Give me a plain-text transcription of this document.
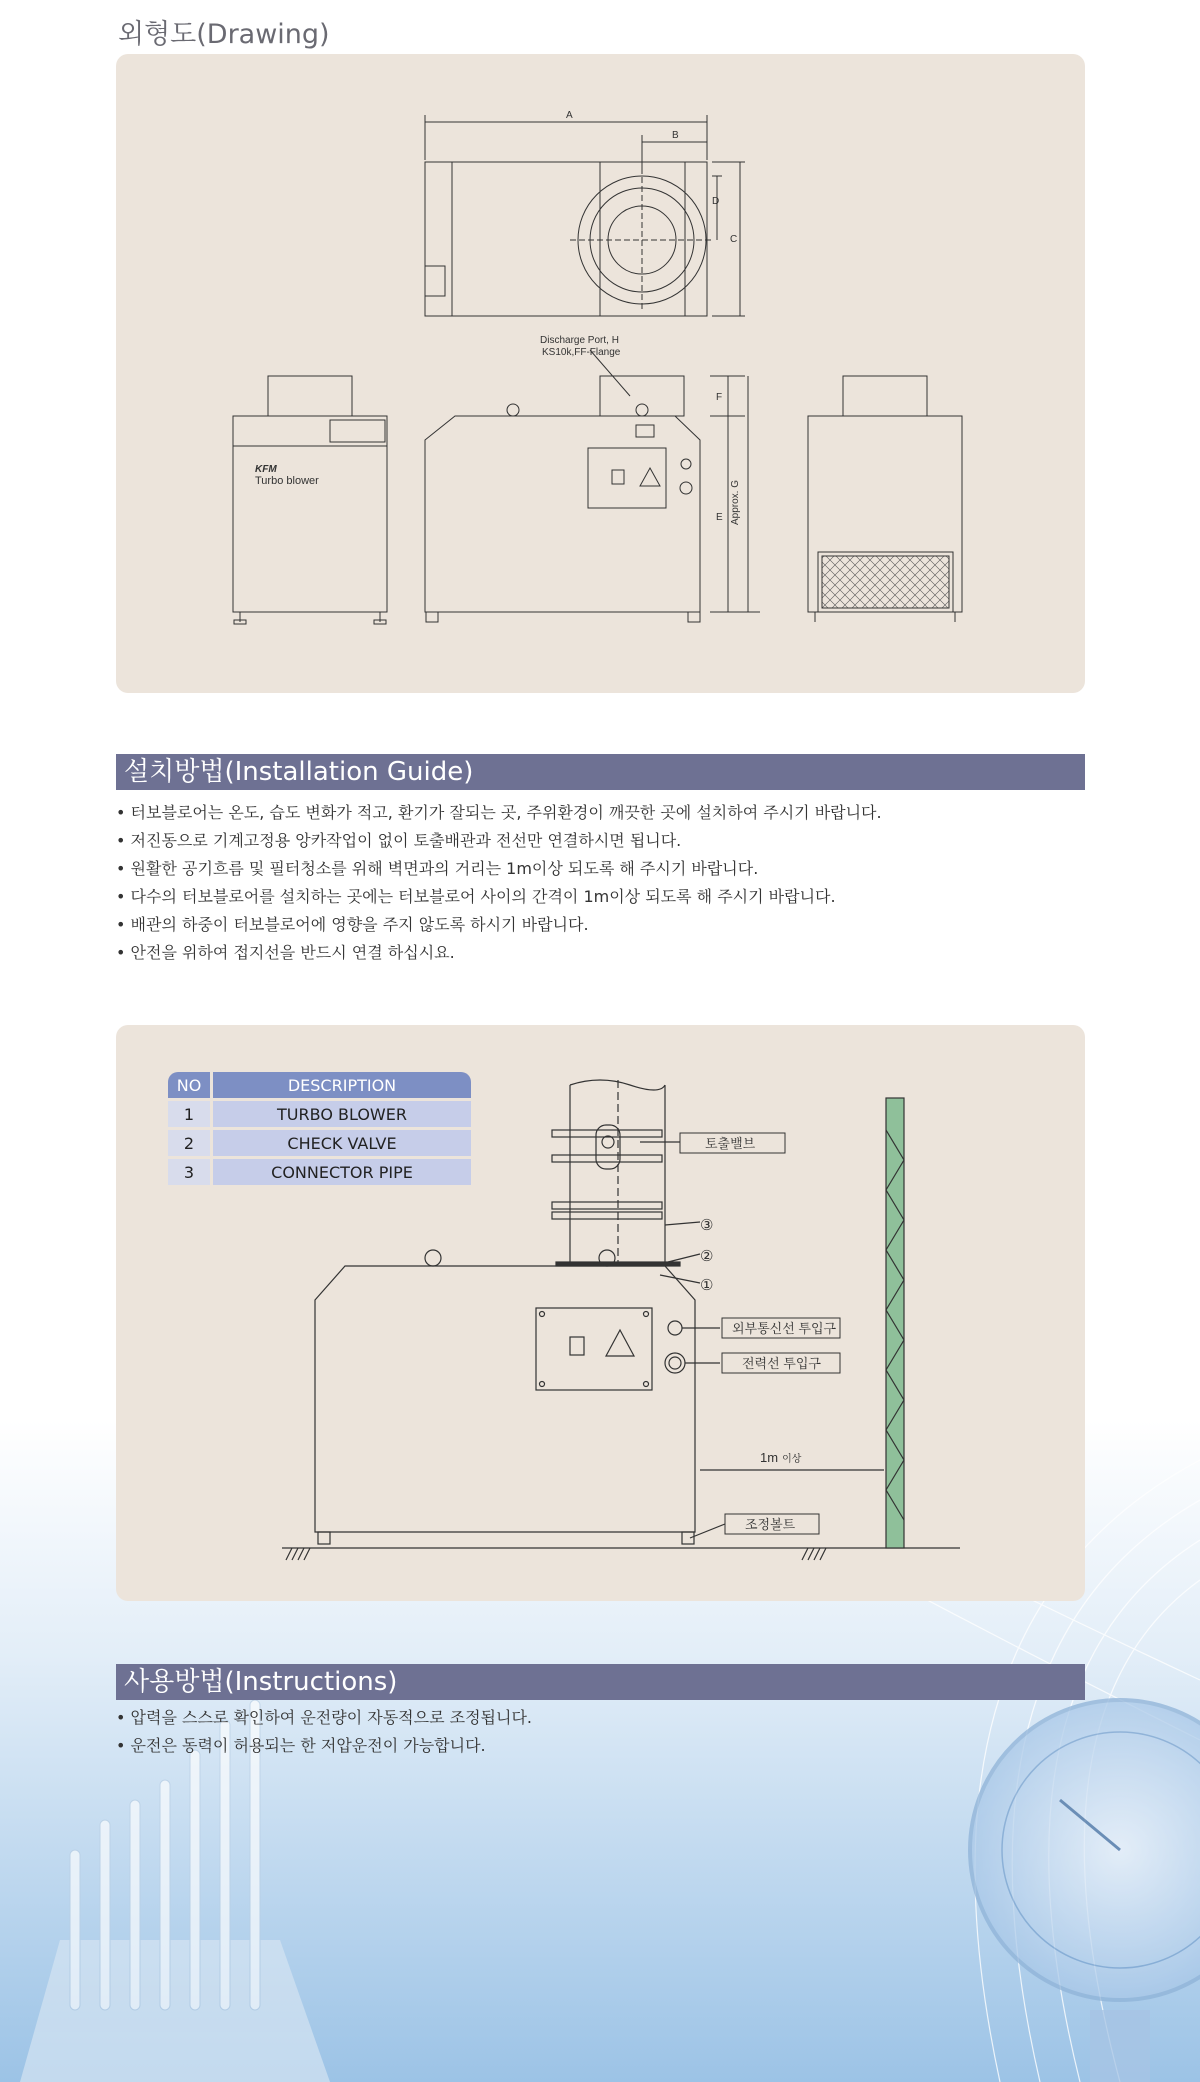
외형도(Drawing)
A
B
C
D
E
F
Approx. G
Discharge Port, H
KS10k,FF-Flange
KFM
Turbo blower
설치방법(Installation Guide)
• 터보블로어는 온도, 습도 변화가 적고, 환기가 잘되는 곳, 주위환경이 깨끗한 곳에 설치하여 주시기 바랍니다.
• 저진동으로 기계고정용 앙카작업이 없이 토출배관과 전선만 연결하시면 됩니다.
• 원활한 공기흐름 및 필터청소를 위해 벽면과의 거리는 1m이상 되도록 해 주시기 바랍니다.
• 다수의 터보블로어를 설치하는 곳에는 터보블로어 사이의 간격이 1m이상 되도록 해 주시기 바랍니다.
• 배관의 하중이 터보블로어에 영향을 주지 않도록 하시기 바랍니다.
• 안전을 위하여 접지선을 반드시 연결 하십시요.
NO	DESCRIPTION
1	TURBO BLOWER
2	CHECK VALVE
3	CONNECTOR PIPE
토출밸브
외부통신선 투입구
전력선 투입구
조정볼트
1m 이상
③
②
①
사용방법(Instructions)
• 압력을 스스로 확인하여 운전량이 자동적으로 조정됩니다.
• 운전은 동력이 허용되는 한 저압운전이 가능합니다.
